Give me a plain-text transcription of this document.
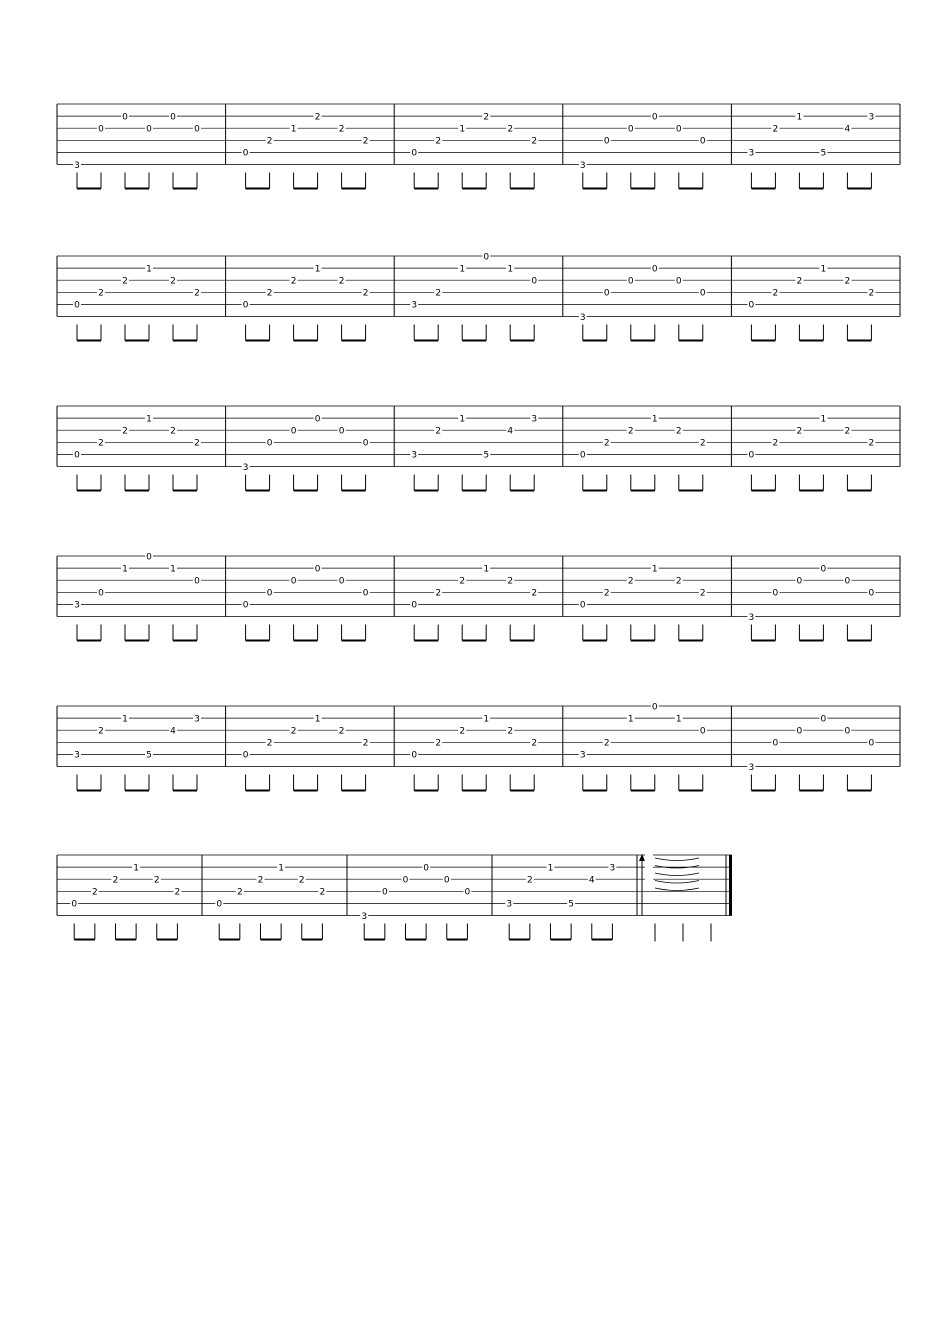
3
0
0
0
0
0
0
2
1
2
2
2
0
2
1
2
2
2
3
0
0
0
0
0
3
2
1
5
4
3
0
2
2
1
2
2
0
2
2
1
2
2
3
2
1
0
1
0
3
0
0
0
0
0
0
2
2
1
2
2
0
2
2
1
2
2
3
0
0
0
0
0
3
2
1
5
4
3
0
2
2
1
2
2
0
2
2
1
2
2
3
0
1
0
1
0
0
0
0
0
0
0
0
2
2
1
2
2
0
2
2
1
2
2
3
0
0
0
0
0
3
2
1
5
4
3
0
2
2
1
2
2
0
2
2
1
2
2
3
2
1
0
1
0
3
0
0
0
0
0
0
2
2
1
2
2
0
2
2
1
2
2
3
0
0
0
0
0
3
2
1
5
4
3
